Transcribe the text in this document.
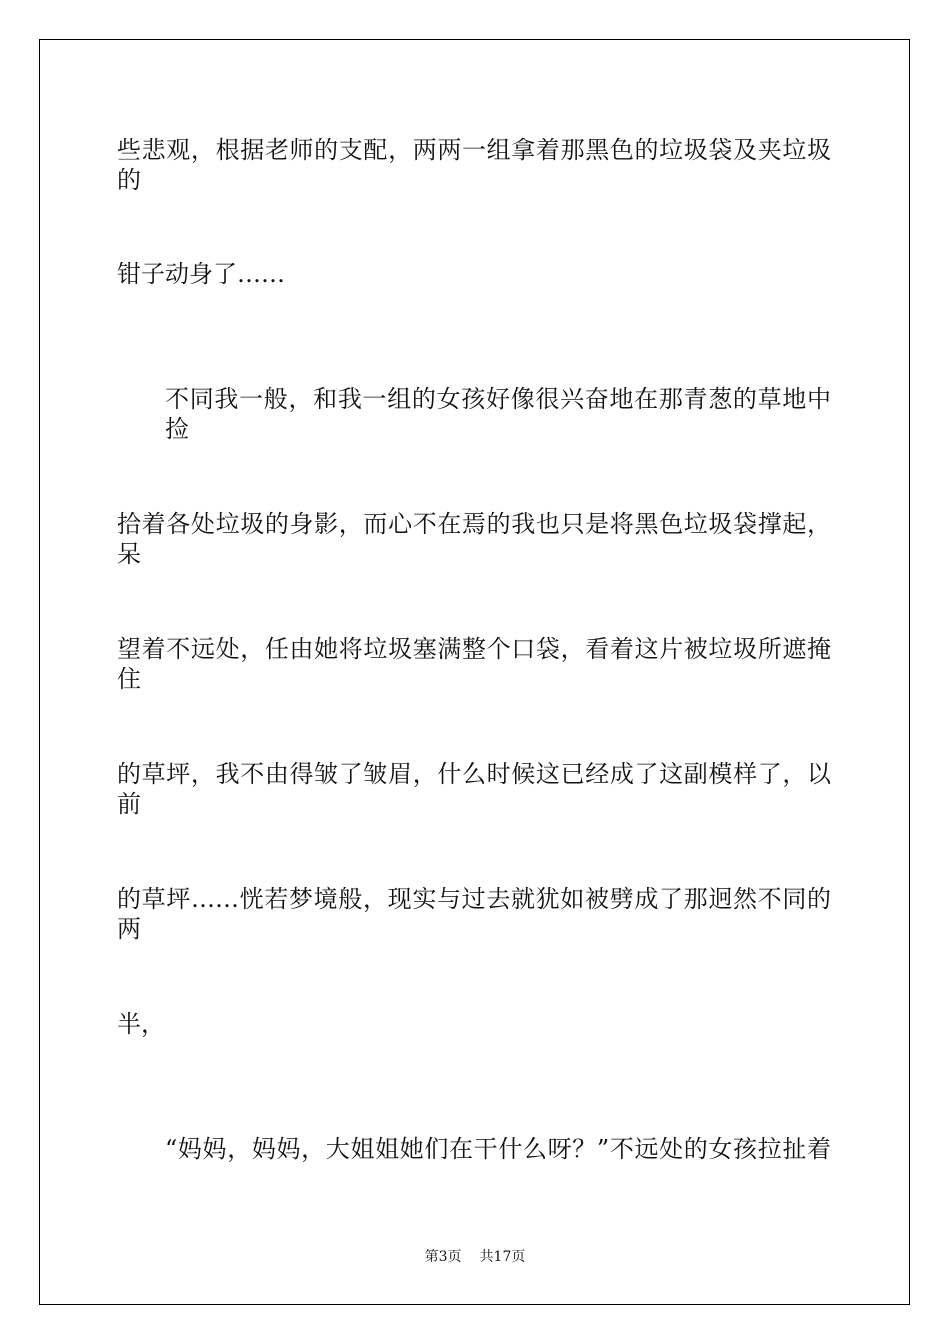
些悲观，根据老师的支配，两两一组拿着那黑色的垃圾袋及夹垃圾的
钳子动身了……
不同我一般，和我一组的女孩好像很兴奋地在那青葱的草地中捡
拾着各处垃圾的身影，而心不在焉的我也只是将黑色垃圾袋撑起，呆
望着不远处，任由她将垃圾塞满整个口袋，看着这片被垃圾所遮掩住
的草坪，我不由得皱了皱眉，什么时候这已经成了这副模样了，以前
的草坪……恍若梦境般，现实与过去就犹如被劈成了那迥然不同的两
半，
“妈妈，妈妈，大姐姐她们在干什么呀？”不远处的女孩拉扯着
第3页 共17页
